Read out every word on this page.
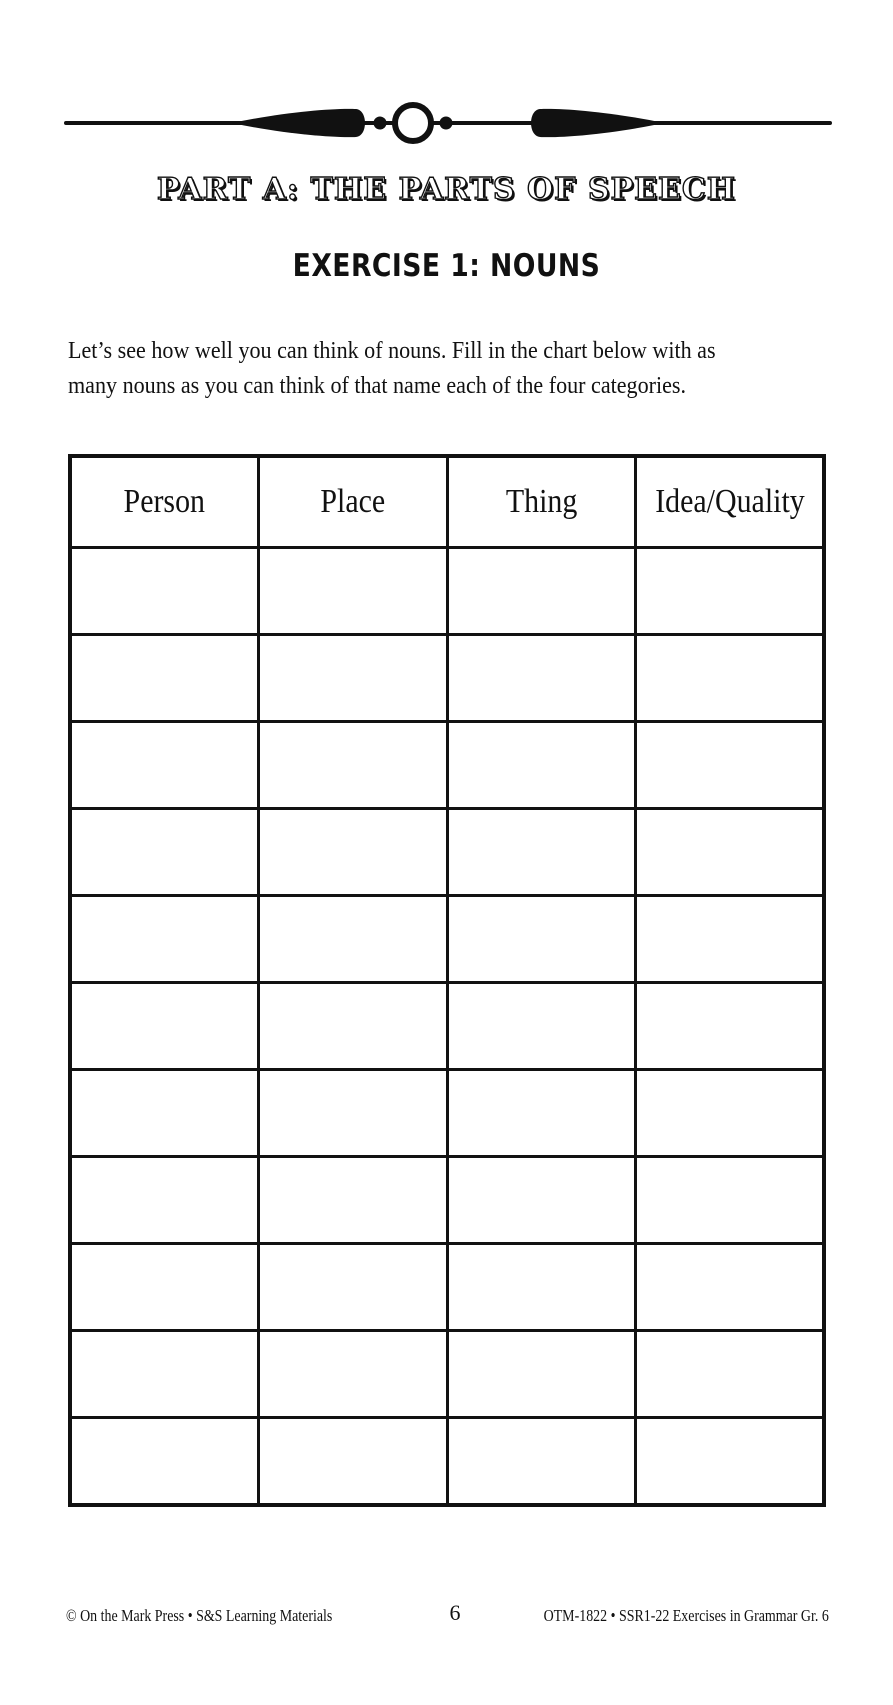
PART A: THE PARTS OF SPEECH
EXERCISE 1: NOUNS
Let’s see how well you can think of nouns. Fill in the chart below with as many nouns as you can think of that name each of the four categories.
Person	Place	Thing	Idea/Quality

© On the Mark Press • S&S Learning Materials	6	OTM-1822 • SSR1-22 Exercises in Grammar Gr. 6
